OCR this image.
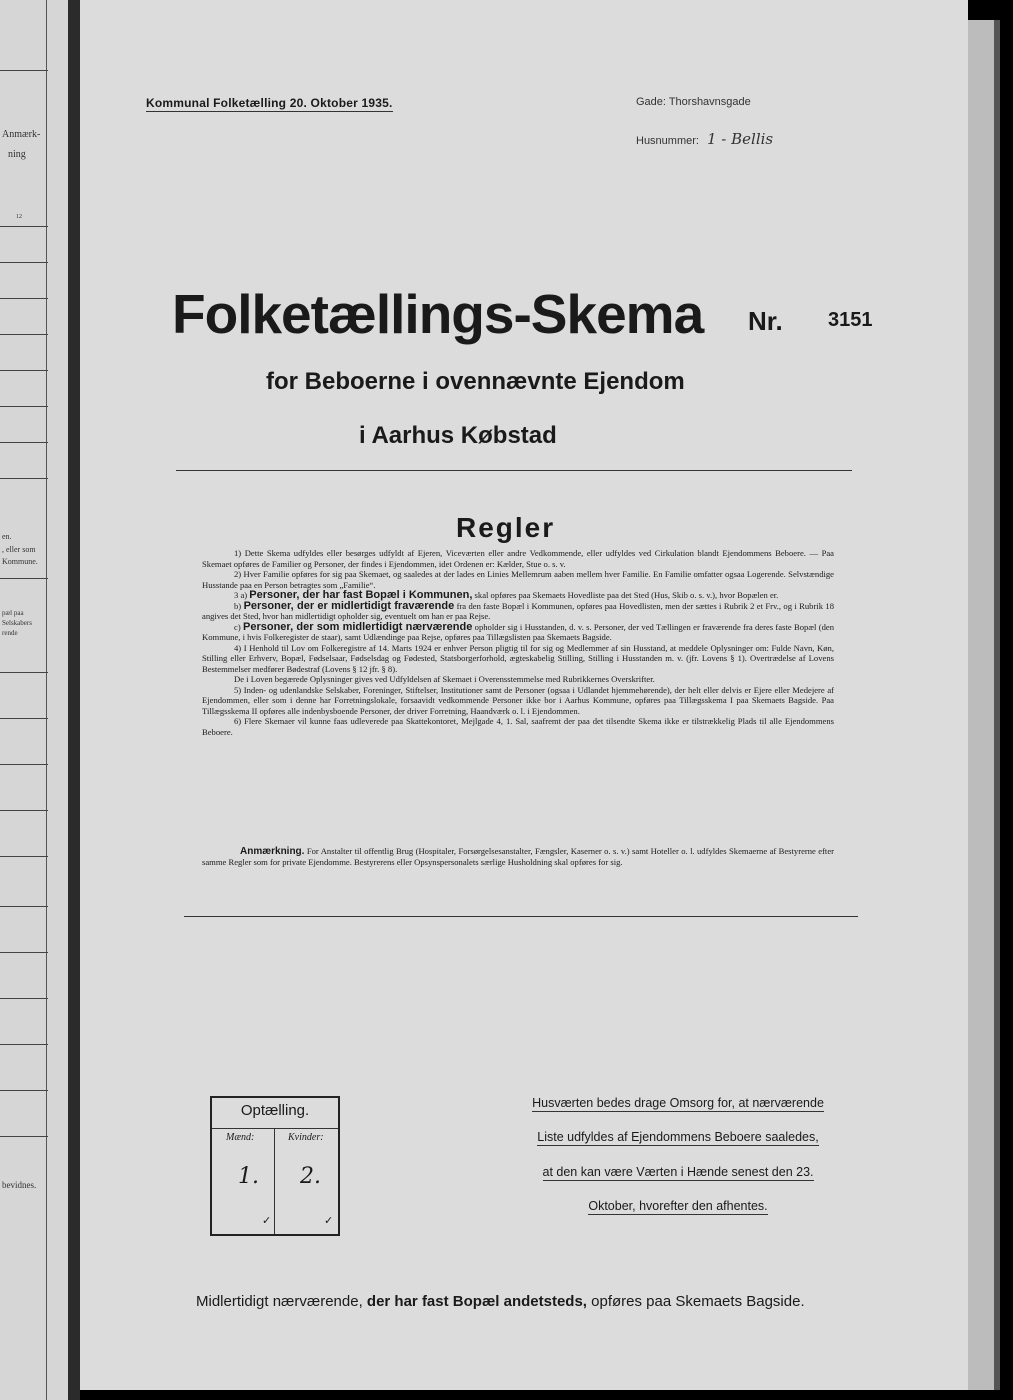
Anmærk-
ning
12
en.
, eller som
Kommune.
pæl paa
Selskabers
rende
bevidnes.
Kommunal Folketælling 20. Oktober 1935.	Gade: Thorshavnsgade
Husnummer: 1 - Bellis
Folketællings-Skema Nr. 3151
for Beboerne i ovennævnte Ejendom
i Aarhus Købstad
Regler

1) Dette Skema udfyldes eller besørges udfyldt af Ejeren, Viceværten eller andre Vedkommende, eller udfyldes ved Cirkulation blandt Ejendommens Beboere. — Paa Skemaet opføres de Familier og Personer, der findes i Ejendommen, idet Ordenen er: Kælder, Stue o. s. v.

2) Hver Familie opføres for sig paa Skemaet, og saaledes at der lades en Linies Mellemrum aaben mellem hver Familie. En Familie omfatter ogsaa Logerende. Selvstændige Husstande paa en Person betragtes som „Familie“.

3 a) Personer, der har fast Bopæl i Kommunen, skal opføres paa Skemaets Hovedliste paa det Sted (Hus, Skib o. s. v.), hvor Bopælen er.

b) Personer, der er midlertidigt fraværende fra den faste Bopæl i Kommunen, opføres paa Hovedlisten, men der sættes i Rubrik 2 et Frv., og i Rubrik 18 angives det Sted, hvor han midlertidigt opholder sig, eventuelt om han er paa Rejse.

c) Personer, der som midlertidigt nærværende opholder sig i Husstanden, d. v. s. Personer, der ved Tællingen er fraværende fra deres faste Bopæl (den Kommune, i hvis Folkeregister de staar), samt Udlændinge paa Rejse, opføres paa Tillægslisten paa Skemaets Bagside.

4) I Henhold til Lov om Folkeregistre af 14. Marts 1924 er enhver Person pligtig til for sig og Medlemmer af sin Husstand, at meddele Oplysninger om: Fulde Navn, Køn, Stilling eller Erhverv, Bopæl, Fødselsaar, Fødselsdag og Fødested, Statsborgerforhold, ægteskabelig Stilling, Stilling i Husstanden m. v. (jfr. Lovens § 1). Overtrædelse af Lovens Bestemmelser medfører Bødestraf (Lovens § 12 jfr. § 8).

De i Loven begærede Oplysninger gives ved Udfyldelsen af Skemaet i Overensstemmelse med Rubrikkernes Overskrifter.

5) Inden- og udenlandske Selskaber, Foreninger, Stiftelser, Institutioner samt de Personer (ogsaa i Udlandet hjemmehørende), der helt eller delvis er Ejere eller Medejere af Ejendommen, eller som i denne har Forretningslokale, forsaavidt vedkommende Personer ikke bor i Aarhus Kommune, opføres paa Tillægsskema I paa Skemaets Bagside. Paa Tillægsskema II opføres alle indenbysboende Personer, der driver Forretning, Haandværk o. l. i Ejendommen.

6) Flere Skemaer vil kunne faas udleverede paa Skattekontoret, Mejlgade 4, 1. Sal, saafremt der paa det tilsendte Skema ikke er tilstrækkelig Plads til alle Ejendommens Beboere.

Anmærkning. For Anstalter til offentlig Brug (Hospitaler, Forsørgelsesanstalter, Fængsler, Kaserner o. s. v.) samt Hoteller o. l. udfyldes Skemaerne af Bestyrerne efter samme Regler som for private Ejendomme. Bestyrerens eller Opsynspersonalets særlige Husholdning skal opføres for sig.

Optælling.
Mænd:	Kvinder:
1. 2.
✓	✓
Husværten bedes drage Omsorg for, at nærværende
Liste udfyldes af Ejendommens Beboere saaledes,
at den kan være Værten i Hænde senest den 23.
Oktober, hvorefter den afhentes.
Midlertidigt nærværende, der har fast Bopæl andetsteds, opføres paa Skemaets Bagside.
